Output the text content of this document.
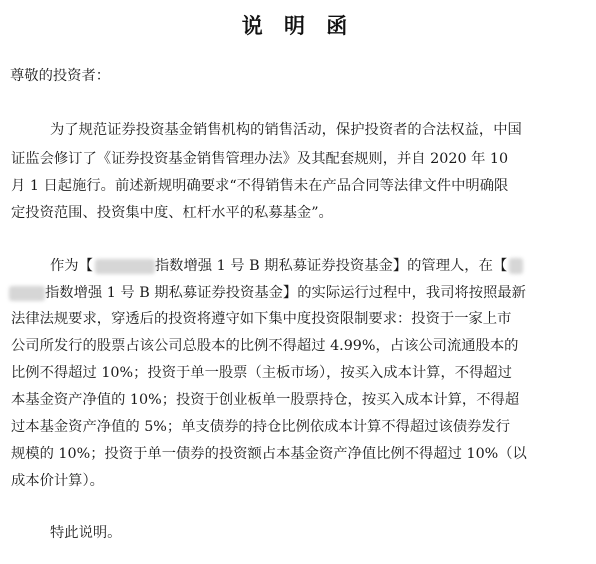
说 明 函

尊敬的投资者：

为了规范证券投资基金销售机构的销售活动，保护投资者的合法权益，中国

证监会修订了《证券投资基金销售管理办法》及其配套规则，并自 2020 年 10

月 1 日起施行。前述新规明确要求“不得销售未在产品合同等法律文件中明确限

定投资范围、投资集中度、杠杆水平的私募基金”。

作为【	指数增强 1 号 B 期私募证券投资基金】的管理人，在【

指数增强 1 号 B 期私募证券投资基金】的实际运行过程中，我司将按照最新

法律法规要求，穿透后的投资将遵守如下集中度投资限制要求：投资于一家上市

公司所发行的股票占该公司总股本的比例不得超过 4.99%，占该公司流通股本的

比例不得超过 10%；投资于单一股票（主板市场），按买入成本计算，不得超过

本基金资产净值的 10%；投资于创业板单一股票持仓，按买入成本计算，不得超

过本基金资产净值的 5%；单支债券的持仓比例依成本计算不得超过该债券发行

规模的 10%；投资于单一债券的投资额占本基金资产净值比例不得超过 10%（以

成本价计算）。

特此说明。
